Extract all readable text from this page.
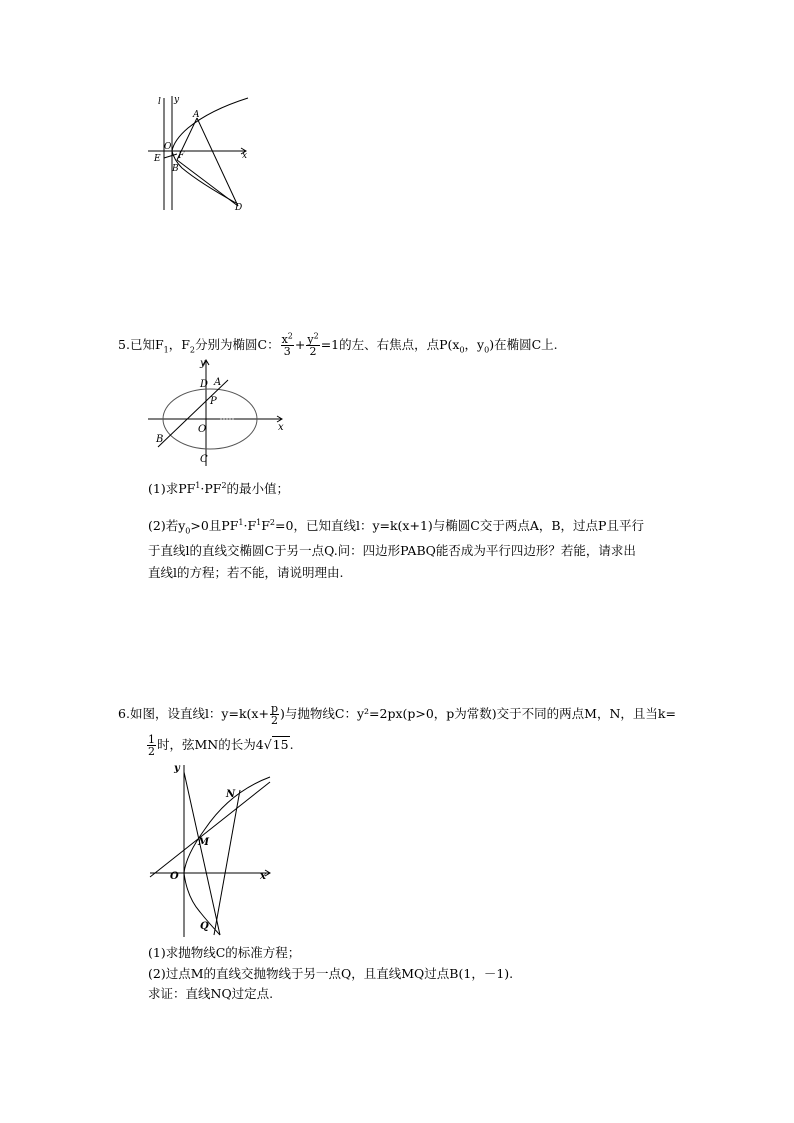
l y
A
O
E F
B
x
D
5.已知$F_1$，$F_2$分别为椭圆C： $\frac{x^2}{3} + \frac{y^2}{2} =1$的左、右焦点，点$P(x_0$，$y_0$)在椭圆C上.
y
D A
P
O	x
B
C
(1)求$PF^1\cdot PF^2$的最小值；
(2)若$y_0>0$且$PF^1\cdot F^1F^2=0$，已知直线l：y=k(x+1)与椭圆C交于两点A，B，过点P且平行
于直线l的直线交椭圆C于另一点Q.问：四边形PABQ能否成为平行四边形？若能，请求出
直线l的方程；若不能，请说明理由.
6.如图，设直线l：$y=k(x+ \frac{p}{2}$ )与抛物线C：y²=2px(p>0，p为常数)交于不同的两点M，N，且当k=
$\frac{1}{2}$ 时，弦MN的长为4√15.
y
N
M
O	x
Q
(1)求抛物线C的标准方程；
(2)过点M的直线交抛物线于另一点Q，且直线MQ过点B(1，－1).
求证：直线NQ过定点.
